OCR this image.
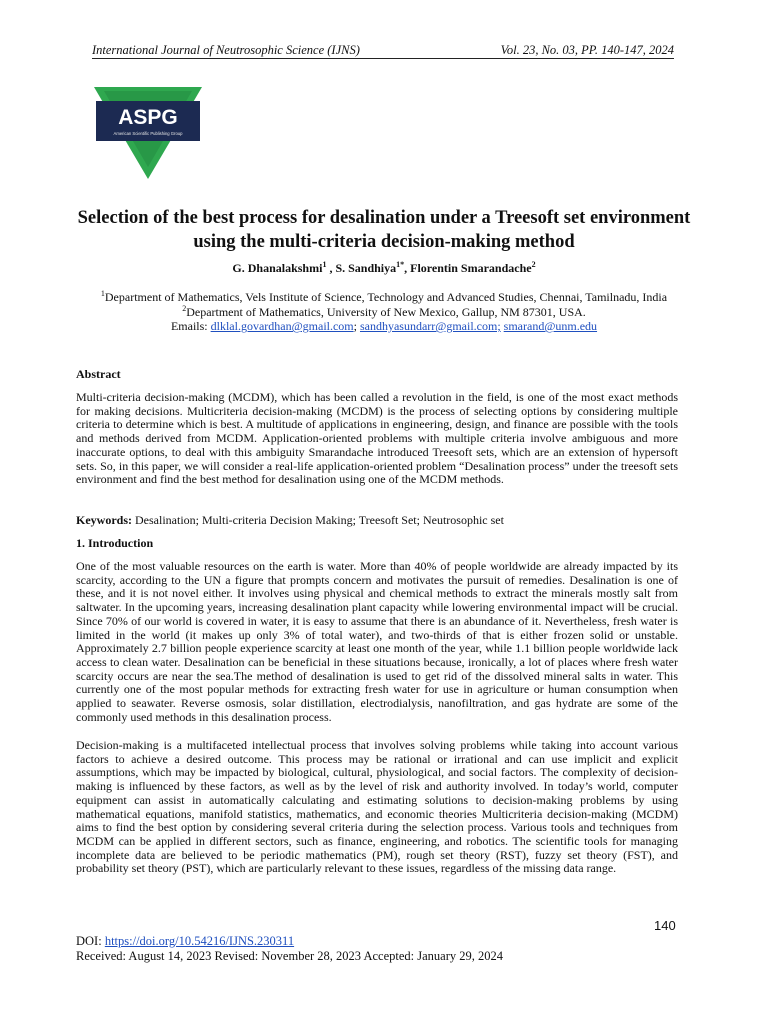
International Journal of Neutrosophic Science (IJNS)	Vol. 23, No. 03, PP. 140-147, 2024
ASPG
American Scientific Publishing Group
Selection of the best process for desalination under a Treesoft set environment using the multi-criteria decision-making method
G. Dhanalakshmi$^1$ , S. Sandhiya$^{1*}$, Florentin Smarandache$^2$
$^1$Department of Mathematics, Vels Institute of Science, Technology and Advanced Studies, Chennai, Tamilnadu, India
$^2$Department of Mathematics, University of New Mexico, Gallup, NM 87301, USA.
Emails: dlklal.govardhan@gmail.com; sandhyasundarr@gmail.com; smarand@unm.edu
Abstract
Multi-criteria decision-making (MCDM), which has been called a revolution in the field, is one of the most exact methods for making decisions. Multicriteria decision-making (MCDM) is the process of selecting options by considering multiple criteria to determine which is best. A multitude of applications in engineering, design, and finance are possible with the tools and methods derived from MCDM. Application-oriented problems with multiple criteria involve ambiguous and more inaccurate options, to deal with this ambiguity Smarandache introduced Treesoft sets, which are an extension of hypersoft sets. So, in this paper, we will consider a real-life application-oriented problem “Desalination process” under the treesoft sets environment and find the best method for desalination using one of the MCDM methods.
Keywords: Desalination; Multi-criteria Decision Making; Treesoft Set; Neutrosophic set
1. Introduction
One of the most valuable resources on the earth is water. More than 40% of people worldwide are already impacted by its scarcity, according to the UN a figure that prompts concern and motivates the pursuit of remedies. Desalination is one of these, and it is not novel either. It involves using physical and chemical methods to extract the minerals mostly salt from saltwater. In the upcoming years, increasing desalination plant capacity while lowering environmental impact will be crucial. Since 70% of our world is covered in water, it is easy to assume that there is an abundance of it. Nevertheless, fresh water is limited in the world (it makes up only 3% of total water), and two-thirds of that is either frozen solid or unstable. Approximately 2.7 billion people experience scarcity at least one month of the year, while 1.1 billion people worldwide lack access to clean water. Desalination can be beneficial in these situations because, ironically, a lot of places where fresh water scarcity occurs are near the sea.The method of desalination is used to get rid of the dissolved mineral salts in water. This currently one of the most popular methods for extracting fresh water for use in agriculture or human consumption when applied to seawater. Reverse osmosis, solar distillation, electrodialysis, nanofiltration, and gas hydrate are some of the commonly used methods in this desalination process.
Decision-making is a multifaceted intellectual process that involves solving problems while taking into account various factors to achieve a desired outcome. This process may be rational or irrational and can use implicit and explicit assumptions, which may be impacted by biological, cultural, physiological, and social factors. The complexity of decision-making is influenced by these factors, as well as by the level of risk and authority involved. In today’s world, computer equipment can assist in automatically calculating and estimating solutions to decision-making problems by using mathematical equations, manifold statistics, mathematics, and economic theories Multicriteria decision-making (MCDM) aims to find the best option by considering several criteria during the selection process. Various tools and techniques from MCDM can be applied in different sectors, such as finance, engineering, and robotics. The scientific tools for managing incomplete data are believed to be periodic mathematics (PM), rough set theory (RST), fuzzy set theory (FST), and probability set theory (PST), which are particularly relevant to these issues, regardless of the missing data range.
140
DOI: https://doi.org/10.54216/IJNS.230311
Received: August 14, 2023 Revised: November 28, 2023 Accepted: January 29, 2024
